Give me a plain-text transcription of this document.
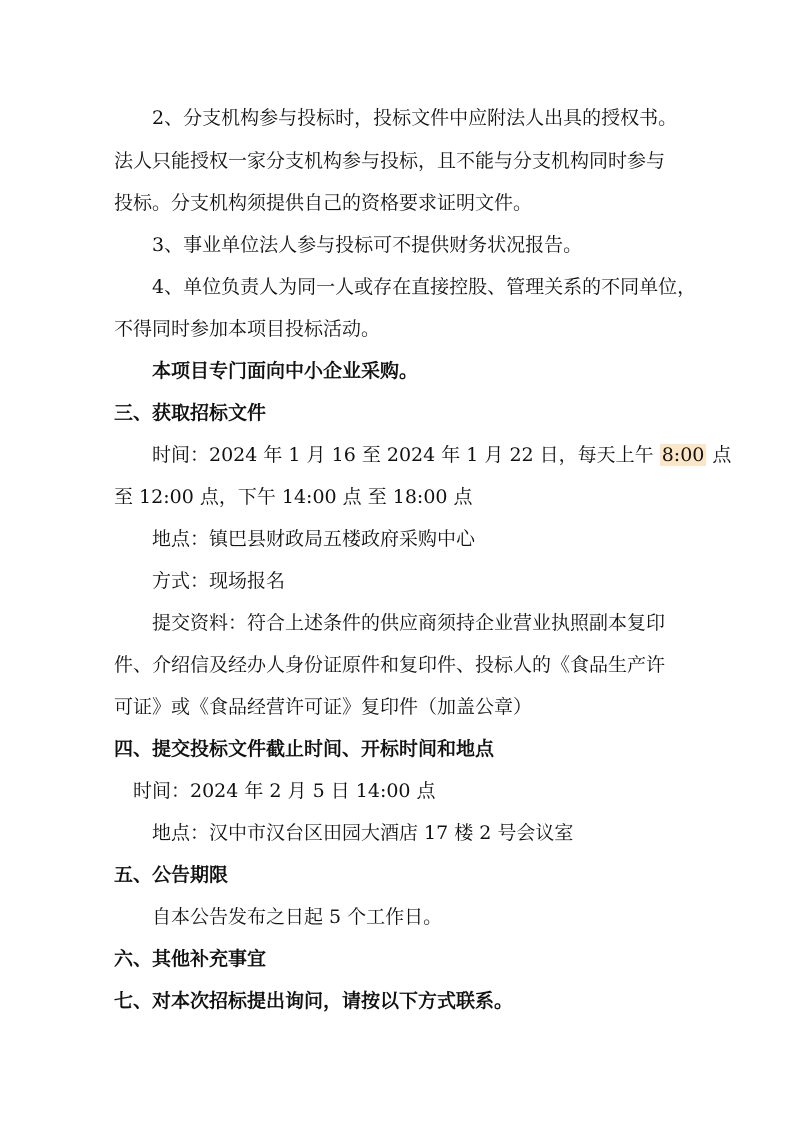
2、分支机构参与投标时，投标文件中应附法人出具的授权书。
法人只能授权一家分支机构参与投标，且不能与分支机构同时参与
投标。分支机构须提供自己的资格要求证明文件。
3、事业单位法人参与投标可不提供财务状况报告。
4、单位负责人为同一人或存在直接控股、管理关系的不同单位，
不得同时参加本项目投标活动。
本项目专门面向中小企业采购。
三、获取招标文件
时间：2024 年 1 月 16 至 2024 年 1 月 22 日，每天上午 8:00 点
至 12:00 点，下午 14:00 点 至 18:00 点
地点：镇巴县财政局五楼政府采购中心
方式：现场报名
提交资料：符合上述条件的供应商须持企业营业执照副本复印
件、介绍信及经办人身份证原件和复印件、投标人的《食品生产许
可证》或《食品经营许可证》复印件（加盖公章）
四、提交投标文件截止时间、开标时间和地点
时间：2024 年 2 月 5 日 14:00 点
地点：汉中市汉台区田园大酒店 17 楼 2 号会议室
五、公告期限
自本公告发布之日起 5 个工作日。
六、其他补充事宜
七、对本次招标提出询问，请按以下方式联系。
